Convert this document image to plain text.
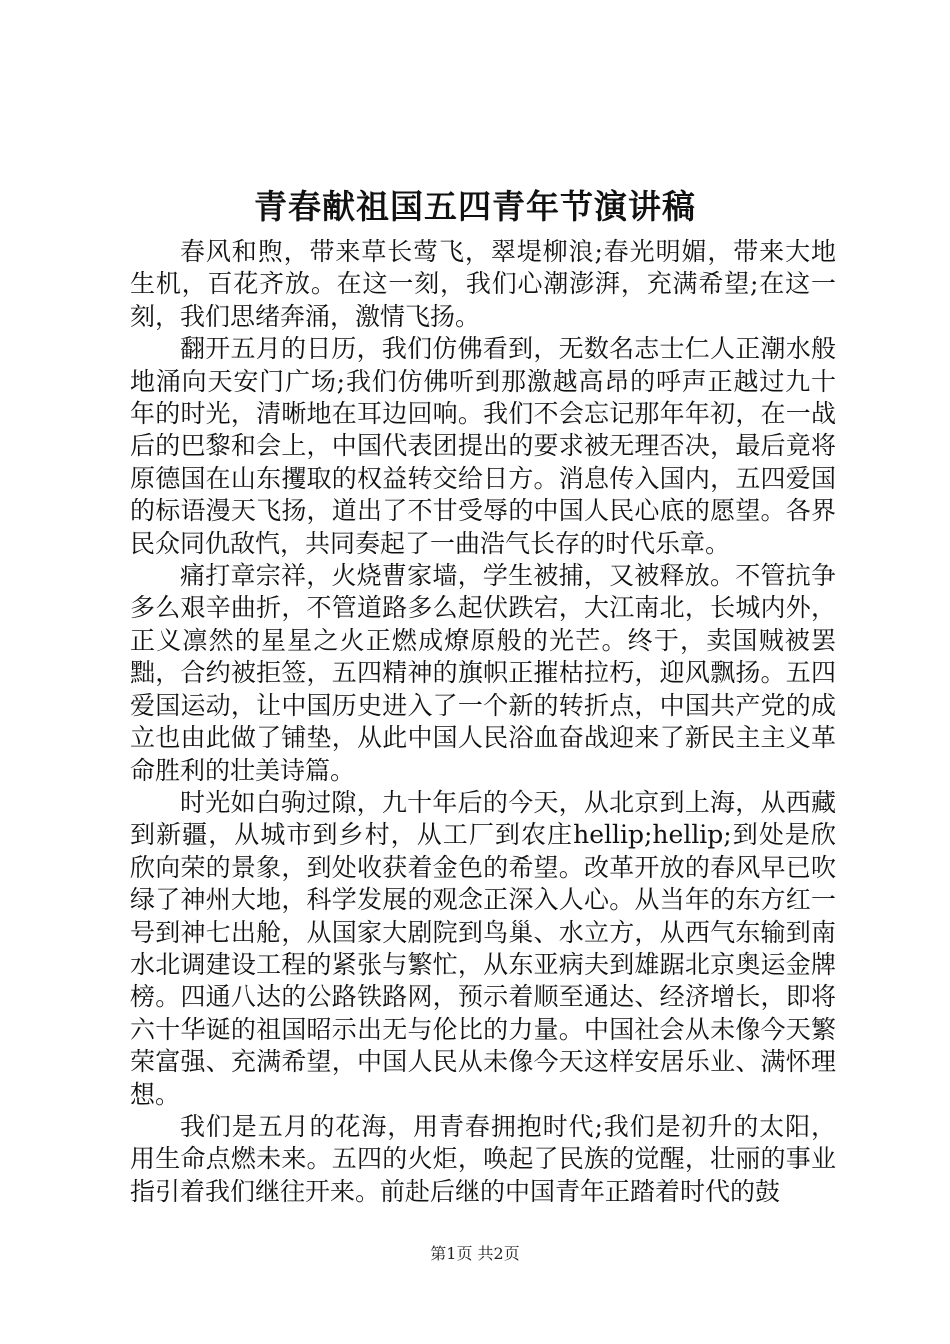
青春献祖国五四青年节演讲稿

春风和煦，带来草长莺飞，翠堤柳浪;春光明媚，带来大地生机，百花齐放。在这一刻，我们心潮澎湃，充满希望;在这一刻，我们思绪奔涌，激情飞扬。

翻开五月的日历，我们仿佛看到，无数名志士仁人正潮水般地涌向天安门广场;我们仿佛听到那激越高昂的呼声正越过九十年的时光，清晰地在耳边回响。我们不会忘记那年年初，在一战后的巴黎和会上，中国代表团提出的要求被无理否决，最后竟将原德国在山东攫取的权益转交给日方。消息传入国内，五四爱国的标语漫天飞扬，道出了不甘受辱的中国人民心底的愿望。各界民众同仇敌忾，共同奏起了一曲浩气长存的时代乐章。

痛打章宗祥，火烧曹家墙，学生被捕，又被释放。不管抗争多么艰辛曲折，不管道路多么起伏跌宕，大江南北，长城内外，正义凛然的星星之火正燃成燎原般的光芒。终于，卖国贼被罢黜，合约被拒签，五四精神的旗帜正摧枯拉朽，迎风飘扬。五四爱国运动，让中国历史进入了一个新的转折点，中国共产党的成立也由此做了铺垫，从此中国人民浴血奋战迎来了新民主主义革命胜利的壮美诗篇。

时光如白驹过隙，九十年后的今天，从北京到上海，从西藏到新疆，从城市到乡村，从工厂到农庄hellip;hellip;到处是欣欣向荣的景象，到处收获着金色的希望。改革开放的春风早已吹绿了神州大地，科学发展的观念正深入人心。从当年的东方红一号到神七出舱，从国家大剧院到鸟巢、水立方，从西气东输到南水北调建设工程的紧张与繁忙，从东亚病夫到雄踞北京奥运金牌榜。四通八达的公路铁路网，预示着顺至通达、经济增长，即将六十华诞的祖国昭示出无与伦比的力量。中国社会从未像今天繁荣富强、充满希望，中国人民从未像今天这样安居乐业、满怀理想。

我们是五月的花海，用青春拥抱时代;我们是初升的太阳，用生命点燃未来。五四的火炬，唤起了民族的觉醒，壮丽的事业指引着我们继往开来。前赴后继的中国青年正踏着时代的鼓

第1页 共2页
